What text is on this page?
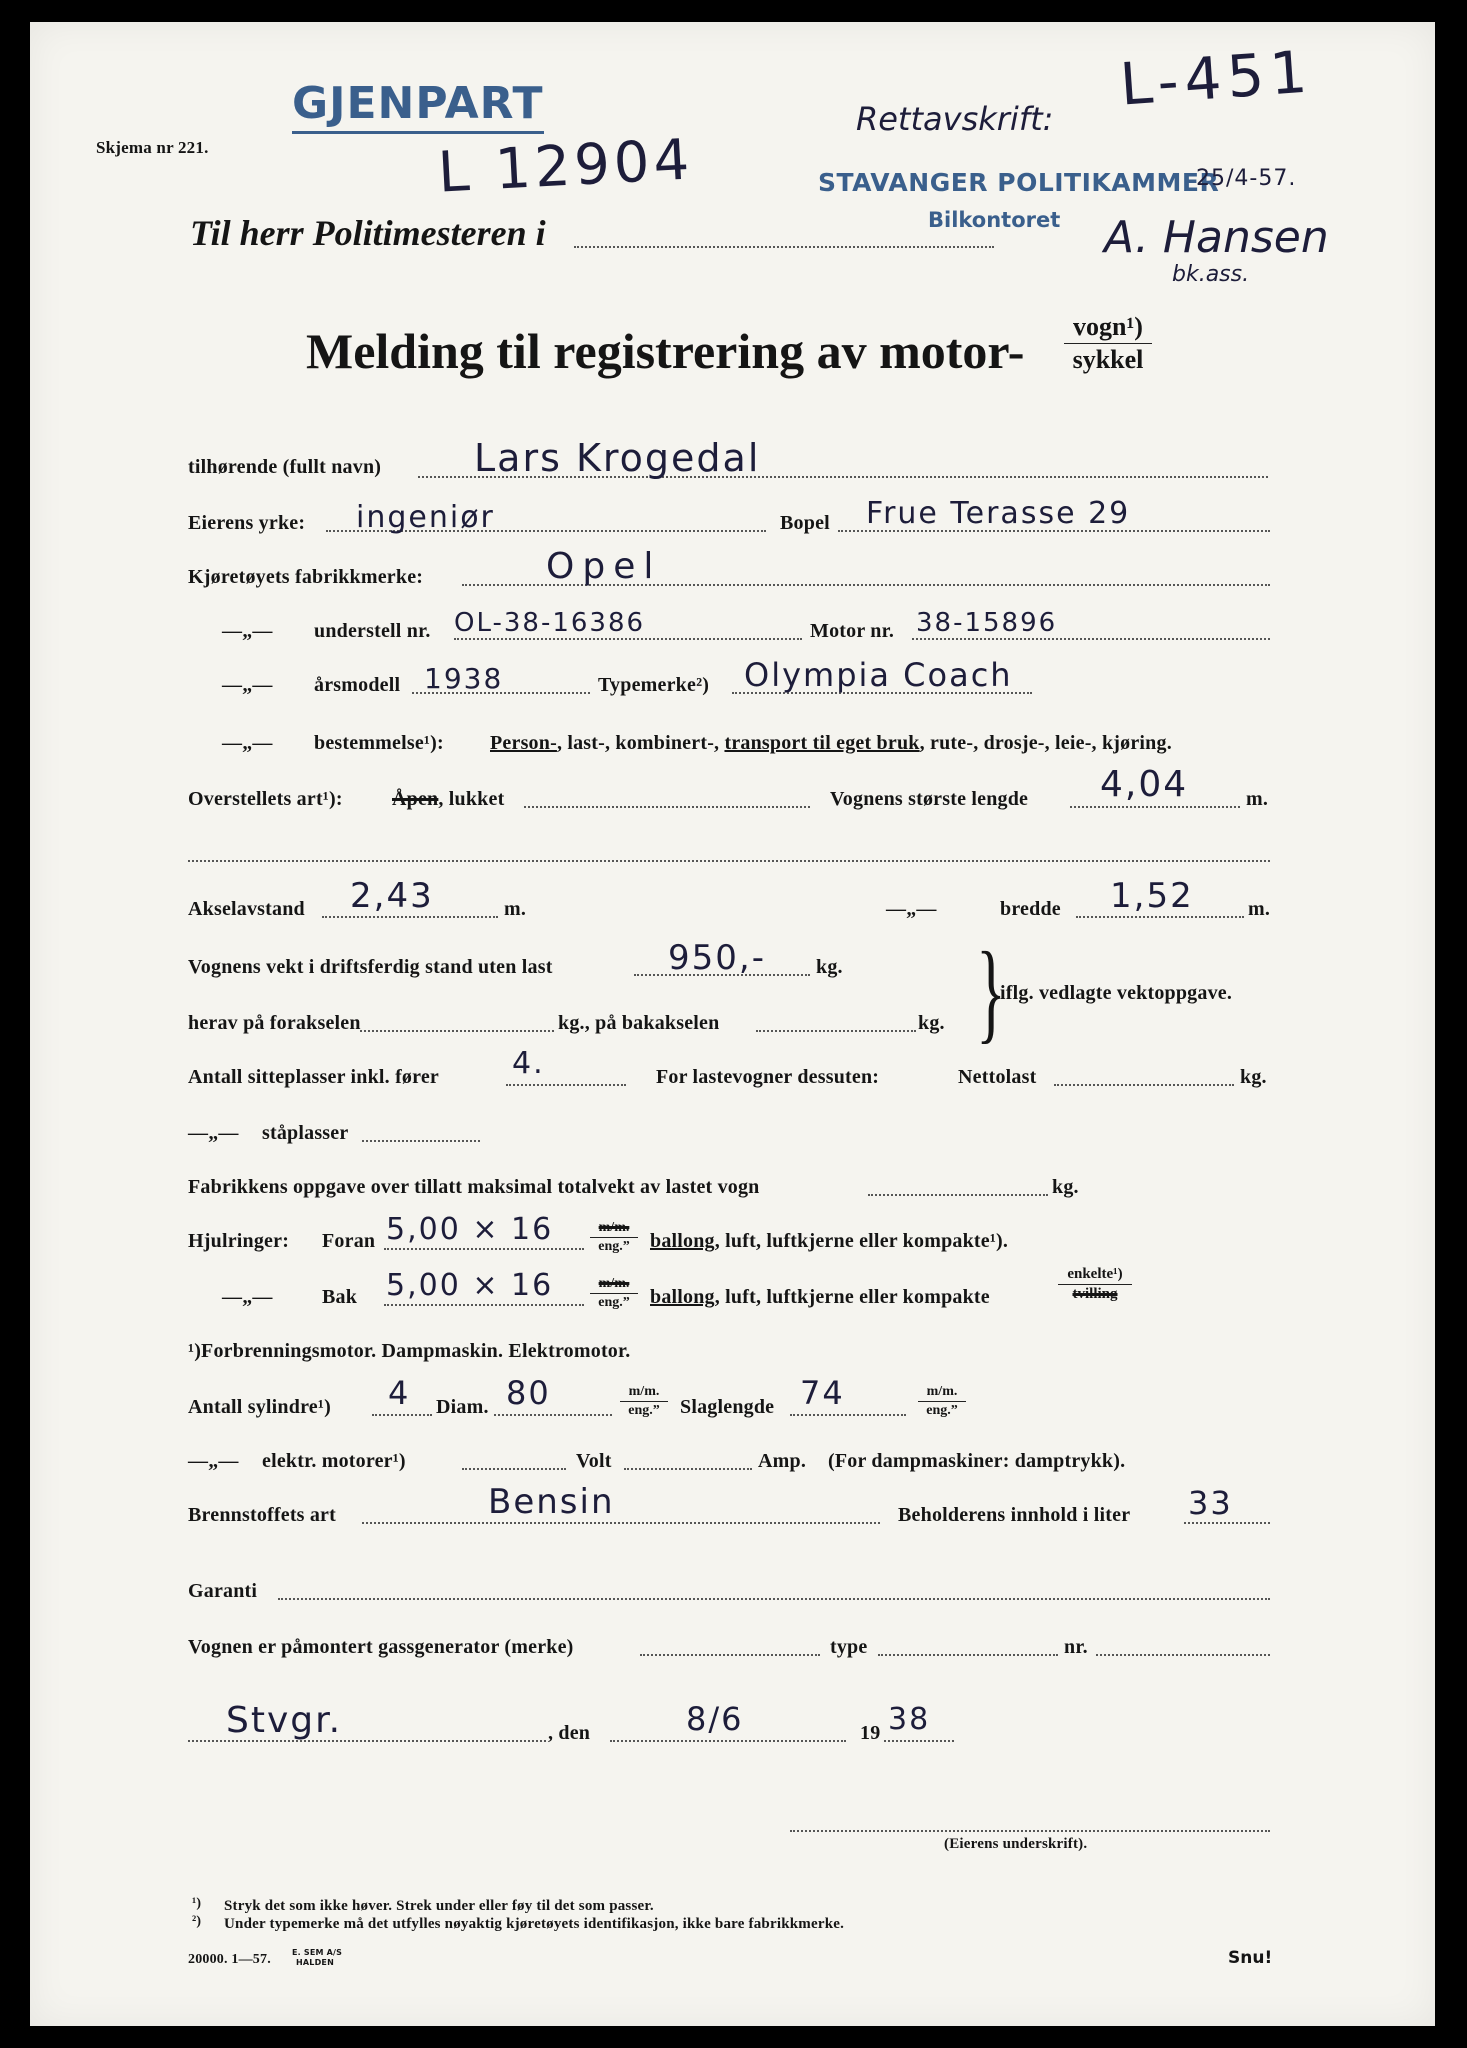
GJENPART
Skjema nr 221.	L 12904
L-451
Rettavskrift:
STAVANGER POLITIKAMMER
Bilkontoret
25/4-57.
A. Hansen
bk.ass.
Til herr Politimesteren i
Melding til registrering av motor-	vogn¹)
sykkel
tilhørende (fullt navn) Lars Krogedal
Eierens yrke: ingeniør	Bopel Frue Terasse 29
Kjøretøyets fabrikkmerke:	Opel
—„— understell nr. OL-38-16386	Motor nr. 38-15896
—„— årsmodell 1938	Typemerke²) Olympia Coach
—„— bestemmelse¹): Person-, last-, kombinert-, transport til eget bruk, rute-, drosje-, leie-, kjøring.
Overstellets art¹): Åpen, lukket	Vognens største lengde 4,04	m.
Akselavstand 2,43	m.	—„—	bredde 1,52	m.
Vognens vekt i driftsferdig stand uten last	950,-	kg.
herav på forakselen	kg., på bakakselen	kg. }
iflg. vedlagte vektoppgave.
Antall sitteplasser inkl. fører 4.	For lastevogner dessuten:	Nettolast	kg.
—„— ståplasser
Fabrikkens oppgave over tillatt maksimal totalvekt av lastet vogn	kg.
Hjulringer: Foran 5,00 × 16	m/m.
eng.”	ballong, luft, luftkjerne eller kompakte¹).
—„— Bak 5,00 × 16	m/m.
eng.”	ballong, luft, luftkjerne eller kompakte
enkelte¹)
tvilling
¹)Forbrenningsmotor. Dampmaskin. Elektromotor.
Antall sylindre¹) 4 Diam. 80	m/m.
eng.”	Slaglengde 74	m/m.
eng.”
—„— elektr. motorer¹)	Volt	Amp. (For dampmaskiner: damptrykk).
Brennstoffets art	Bensin	Beholderens innhold i liter 33
Garanti
Vognen er påmontert gassgenerator (merke)	type	nr.
Stvgr.	, den	8/6	19 38
(Eierens underskrift).
¹) Stryk det som ikke høver. Strek under eller føy til det som passer.
²) Under typemerke må det utfylles nøyaktig kjøretøyets identifikasjon, ikke bare fabrikkmerke.
20000. 1—57.	E. SEM A/S
HALDEN	Snu!
